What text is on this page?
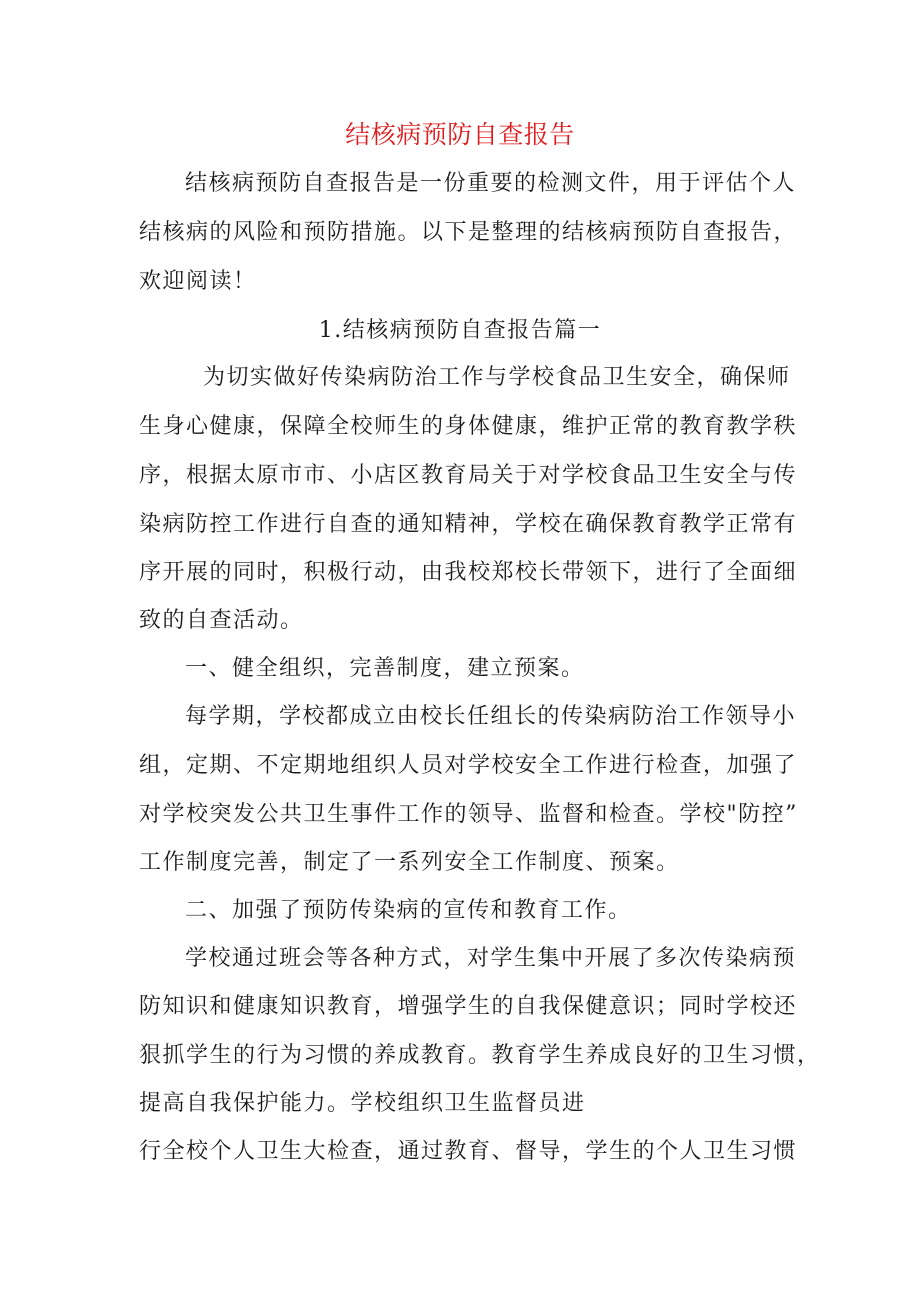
结核病预防自查报告
结核病预防自查报告是一份重要的检测文件，用于评估个人
结核病的风险和预防措施。以下是整理的结核病预防自查报告，
欢迎阅读！
1.结核病预防自查报告篇一
为切实做好传染病防治工作与学校食品卫生安全，确保师
生身心健康，保障全校师生的身体健康，维护正常的教育教学秩
序，根据太原市市、小店区教育局关于对学校食品卫生安全与传
染病防控工作进行自查的通知精神，学校在确保教育教学正常有
序开展的同时，积极行动，由我校郑校长带领下，进行了全面细
致的自查活动。
一、健全组织，完善制度，建立预案。
每学期，学校都成立由校长任组长的传染病防治工作领导小
组，定期、不定期地组织人员对学校安全工作进行检查，加强了
对学校突发公共卫生事件工作的领导、监督和检查。学校"防控”
工作制度完善，制定了一系列安全工作制度、预案。
二、加强了预防传染病的宣传和教育工作。
学校通过班会等各种方式，对学生集中开展了多次传染病预
防知识和健康知识教育，增强学生的自我保健意识；同时学校还
狠抓学生的行为习惯的养成教育。教育学生养成良好的卫生习惯，
提高自我保护能力。学校组织卫生监督员进
行全校个人卫生大检查，通过教育、督导，学生的个人卫生习惯
